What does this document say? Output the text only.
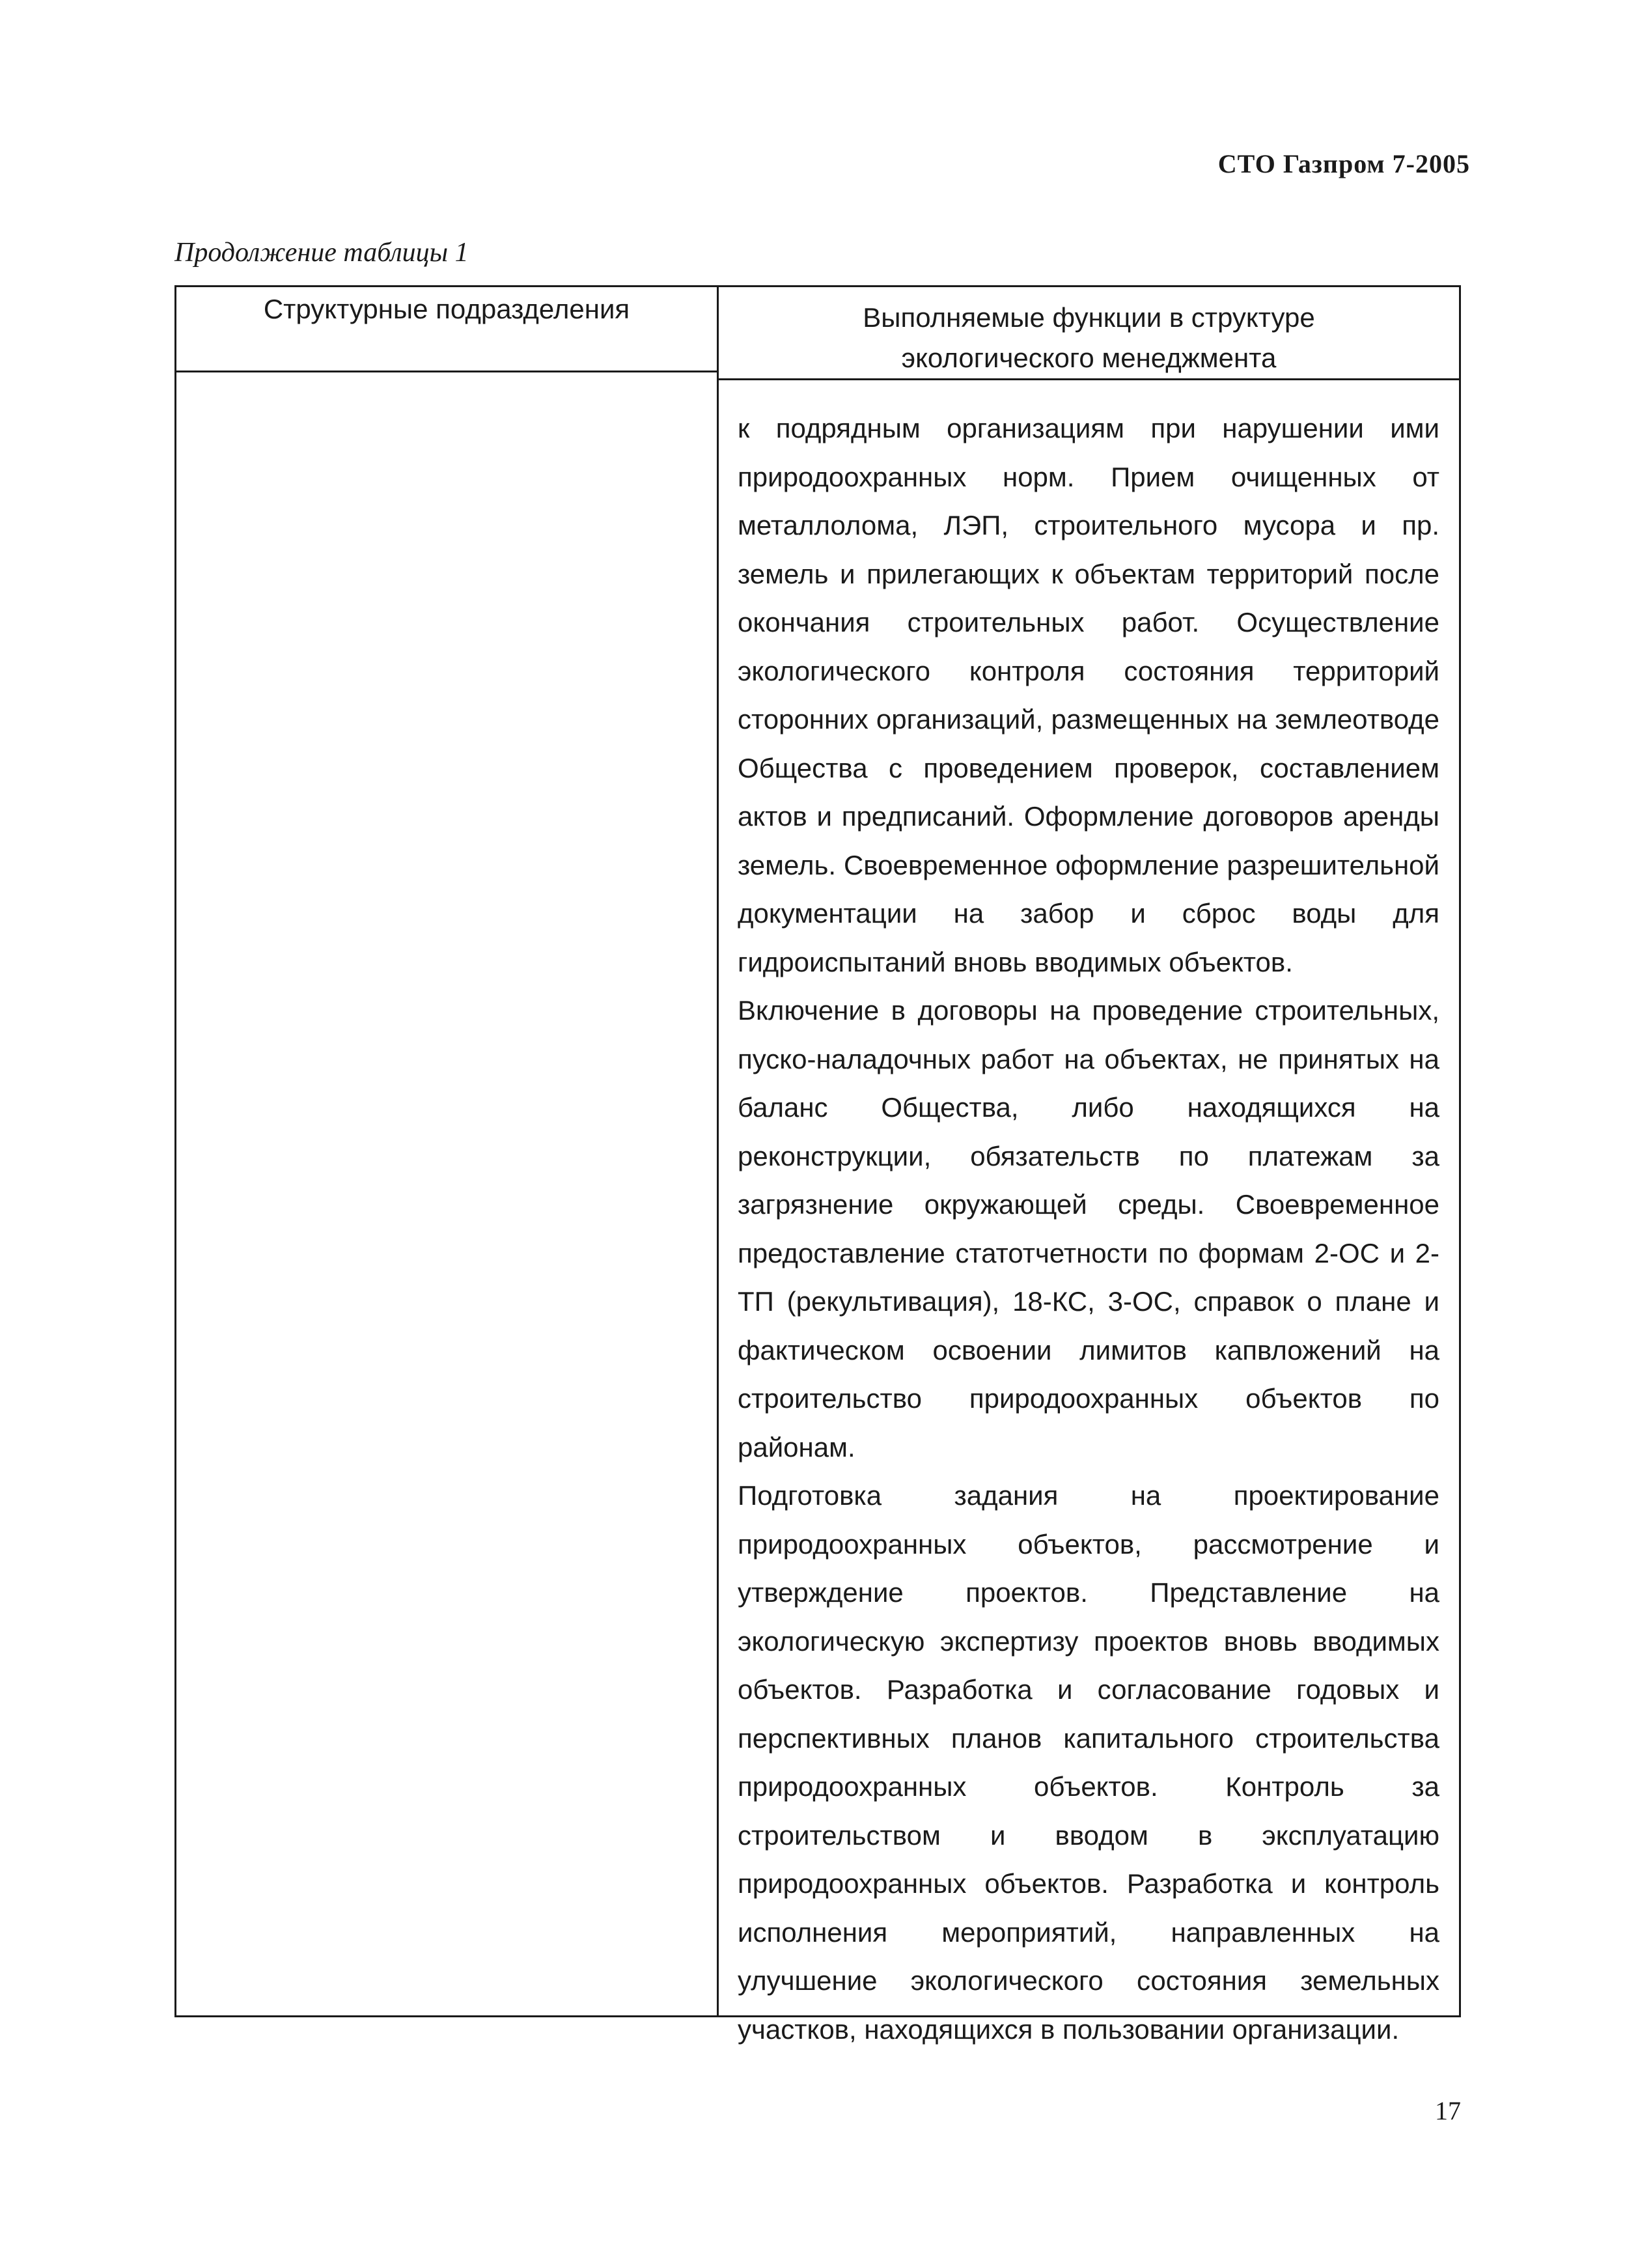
СТО Газпром 7-2005
Продолжение таблицы 1
Структурные подразделения	Выполняемые функции в структуре
экологического менеджмента

к подрядным организациям при нарушении ими природоохранных норм. Прием очищенных от металлолома, ЛЭП, строительного мусора и пр. земель и прилегающих к объектам территорий после окончания строительных работ. Осуществление экологического контроля состояния территорий сторонних организаций, размещенных на землеотводе Общества с проведением проверок, составлением актов и предписаний. Оформление договоров аренды земель. Своевременное оформление разрешительной документации на забор и сброс воды для гидроиспытаний вновь вводимых объектов.

Включение в договоры на проведение строительных, пуско-наладочных работ на объектах, не принятых на баланс Общества, либо находящихся на реконструкции, обязательств по платежам за загрязнение окружающей среды. Своевременное предоставление статотчетности по формам 2-ОС и 2-ТП (рекультивация), 18-КС, 3-ОС, справок о плане и фактическом освоении лимитов капвложений на строительство природоохранных объектов по районам.

Подготовка задания на проектирование природоохранных объектов, рассмотрение и утверждение проектов. Представление на экологическую экспертизу проектов вновь вводимых объектов. Разработка и согласование годовых и перспективных планов капитального строительства природоохранных объектов. Контроль за строительством и вводом в эксплуатацию природоохранных объектов. Разработка и контроль исполнения мероприятий, направленных на улучшение экологического состояния земельных участков, находящихся в пользовании организации.

17
